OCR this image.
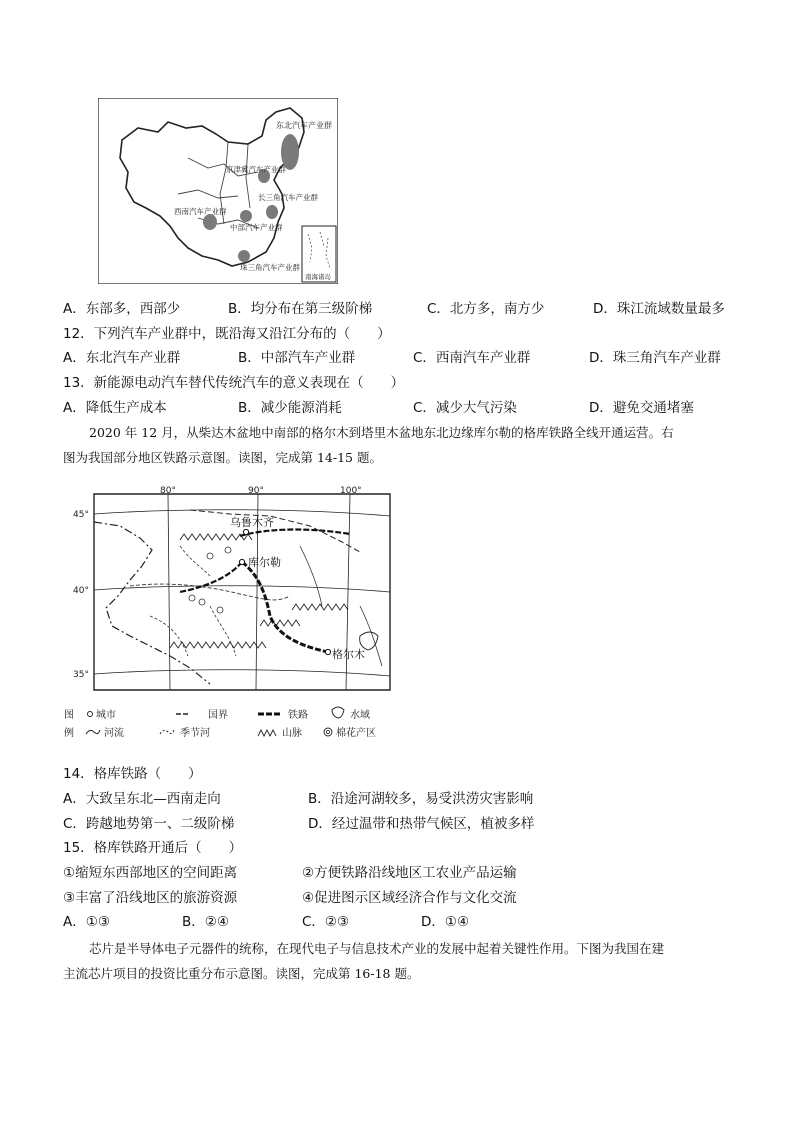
东北汽车产业群
京津冀汽车产业群
西南汽车产业群
中部汽车产业群
长三角汽车产业群
珠三角汽车产业群
南海诸岛
A．东部多，西部少	B．均分布在第三级阶梯	C．北方多，南方少	D．珠江流域数量最多
12．下列汽车产业群中，既沿海又沿江分布的（　　）
A．东北汽车产业群	B．中部汽车产业群	C．西南汽车产业群	D．珠三角汽车产业群
13．新能源电动汽车替代传统汽车的意义表现在（　　）
A．降低生产成本	B．减少能源消耗	C．减少大气污染	D．避免交通堵塞
2020 年 12 月，从柴达木盆地中南部的格尔木到塔里木盆地东北边缘库尔勒的格库铁路全线开通运营。右
图为我国部分地区铁路示意图。读图，完成第 14-15 题。
80°	90°	100°
45°
40°
35°
乌鲁木齐
库尔勒
格尔木
图
例
城市	国界	铁路	水域
河流	季节河	山脉	棉花产区
14．格库铁路（　　）
A．大致呈东北—西南走向	B．沿途河湖较多，易受洪涝灾害影响
C．跨越地势第一、二级阶梯	D．经过温带和热带气候区，植被多样
15．格库铁路开通后（　　）
①缩短东西部地区的空间距离	②方便铁路沿线地区工农业产品运输
③丰富了沿线地区的旅游资源	④促进图示区域经济合作与文化交流
A．①③	B．②④	C．②③	D．①④
芯片是半导体电子元器件的统称，在现代电子与信息技术产业的发展中起着关键性作用。下图为我国在建
主流芯片项目的投资比重分布示意图。读图，完成第 16-18 题。
